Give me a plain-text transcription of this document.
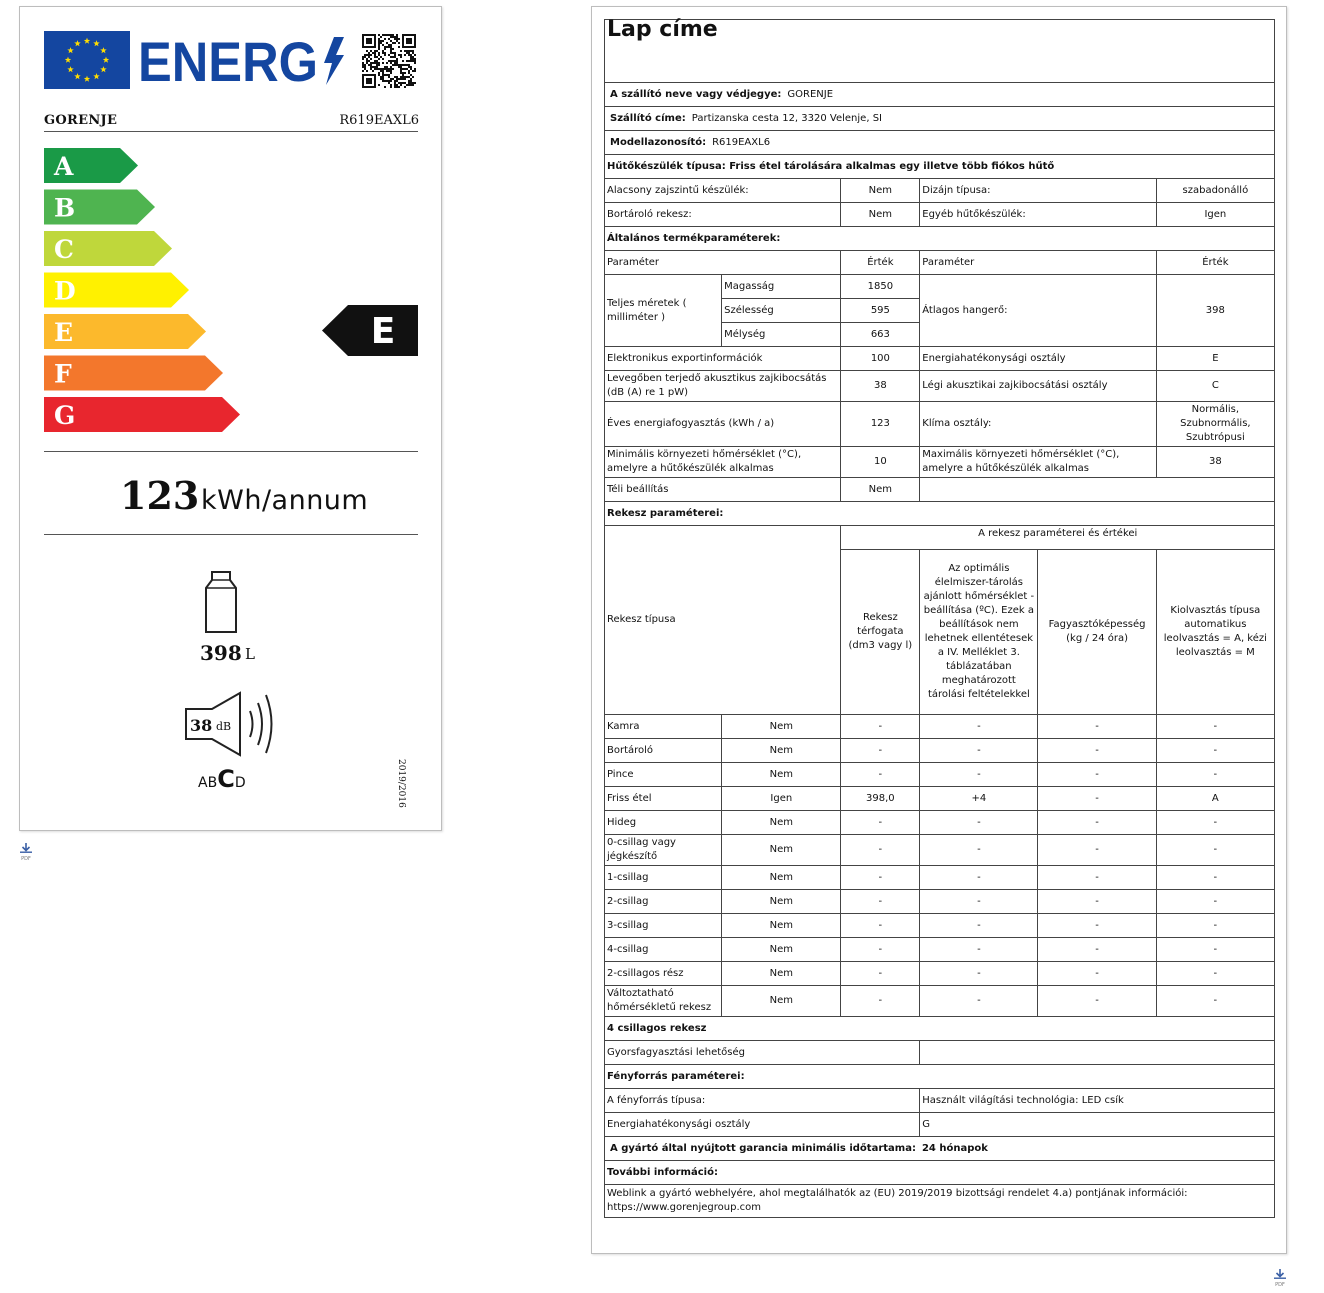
ENERG
GORENJE	R619EAXL6
A
B
C
D
E
F
G
E
123 kWh/annum
398 L
38 dB
ABCD	2019/2016
PDF
PDF
Lap címe					
A szállító neve vagy védjegye: GORENJE					
Szállító címe: Partizanska cesta 12, 3320 Velenje, SI					
Modellazonosító: R619EAXL6					
Hűtőkészülék típusa: Friss étel tárolására alkalmas egy illetve több fiókos hűtő					
Alacsony zajszintű készülék:		Nem	Dizájn típusa:		szabadonálló
Bortároló rekesz:		Nem	Egyéb hűtőkészülék:		Igen
Általános termékparaméterek:					
Paraméter		Érték	Paraméter		Érték
Teljes méretek ( milliméter )	Magasság	1850	Átlagos hangerő:		398
	Szélesség	595			
	Mélység	663			
Elektronikus exportinformációk		100	Energiahatékonysági osztály		E
Levegőben terjedő akusztikus zajkibocsátás (dB (A) re 1 pW)		38	Légi akusztikai zajkibocsátási osztály		C
Éves energiafogyasztás (kWh / a)		123	Klíma osztály:		Normális, Szubnormális, Szubtrópusi
Minimális környezeti hőmérséklet (°C), amelyre a hűtőkészülék alkalmas		10	Maximális környezeti hőmérséklet (°C), amelyre a hűtőkészülék alkalmas		38
Téli beállítás		Nem			
Rekesz paraméterei:					
Rekesz típusa		A rekesz paraméterei és értékei			
		Rekesz térfogata (dm3 vagy l)	Az optimális élelmiszer-tárolás ajánlott hőmérséklet -beállítása (ºC). Ezek a beállítások nem lehetnek ellentétesek a IV. Melléklet 3. táblázatában meghatározott tárolási feltételekkel	Fagyasztóképesség (kg / 24 óra)	Kiolvasztás típusa automatikus leolvasztás = A, kézi leolvasztás = M
Kamra	Nem	-	-	-	-
Bortároló	Nem	-	-	-	-
Pince	Nem	-	-	-	-
Friss étel	Igen	398,0	+4	-	A
Hideg	Nem	-	-	-	-
0-csillag vagy jégkészítő	Nem	-	-	-	-
1-csillag	Nem	-	-	-	-
2-csillag	Nem	-	-	-	-
3-csillag	Nem	-	-	-	-
4-csillag	Nem	-	-	-	-
2-csillagos rész	Nem	-	-	-	-
Változtatható hőmérsékletű rekesz	Nem	-	-	-	-
4 csillagos rekesz					
Gyorsfagyasztási lehetőség					
Fényforrás paraméterei:					
A fényforrás típusa:			Használt világítási technológia: LED csík		
Energiahatékonysági osztály			G		
A gyártó által nyújtott garancia minimális időtartama: 24 hónapok					
További információ:					
Weblink a gyártó webhelyére, ahol megtalálhatók az (EU) 2019/2019 bizottsági rendelet 4.a) pontjának információi:
https://www.gorenjegroup.com					
